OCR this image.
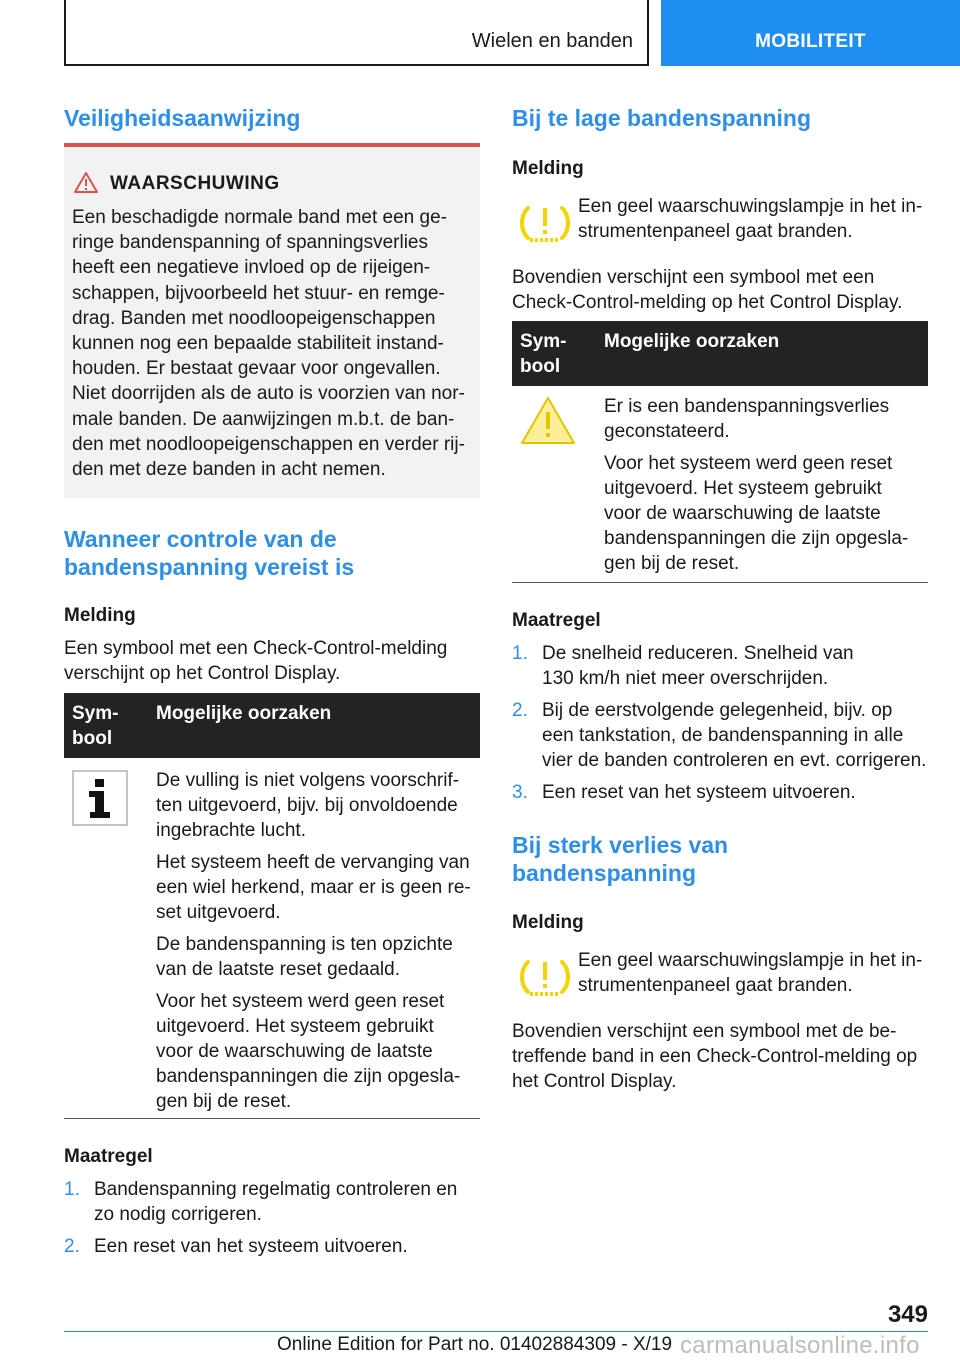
Wielen en banden	MOBILITEIT
Veiligheidsaanwijzing
WAARSCHUWING
Een beschadigde normale band met een ge-
ringe bandenspanning of spanningsverlies
heeft een negatieve invloed op de rijeigen-
schappen, bijvoorbeeld het stuur- en remge-
drag. Banden met noodloopeigenschappen
kunnen nog een bepaalde stabiliteit instand-
houden. Er bestaat gevaar voor ongevallen.
Niet doorrijden als de auto is voorzien van nor-
male banden. De aanwijzingen m.b.t. de ban-
den met noodloopeigenschappen en verder rij-
den met deze banden in acht nemen.
Wanneer controle van de
bandenspanning vereist is
Melding
Een symbool met een Check-Control-melding
verschijnt op het Control Display.
Sym-
bool
Mogelijke oorzaken
De vulling is niet volgens voorschrif-
ten uitgevoerd, bijv. bij onvoldoende
ingebrachte lucht.
Het systeem heeft de vervanging van
een wiel herkend, maar er is geen re-
set uitgevoerd.
De bandenspanning is ten opzichte
van de laatste reset gedaald.
Voor het systeem werd geen reset
uitgevoerd. Het systeem gebruikt
voor de waarschuwing de laatste
bandenspanningen die zijn opgesla-
gen bij de reset.
Maatregel
1. Bandenspanning regelmatig controleren en
zo nodig corrigeren.
2. Een reset van het systeem uitvoeren.
Bij te lage bandenspanning
Melding
Een geel waarschuwingslampje in het in-
strumentenpaneel gaat branden.
Bovendien verschijnt een symbool met een
Check-Control-melding op het Control Display.
Sym-
bool
Mogelijke oorzaken
Er is een bandenspanningsverlies
geconstateerd.
Voor het systeem werd geen reset
uitgevoerd. Het systeem gebruikt
voor de waarschuwing de laatste
bandenspanningen die zijn opgesla-
gen bij de reset.
Maatregel
1. De snelheid reduceren. Snelheid van
130 km/h niet meer overschrijden.
2. Bij de eerstvolgende gelegenheid, bijv. op
een tankstation, de bandenspanning in alle
vier de banden controleren en evt. corrigeren.
3. Een reset van het systeem uitvoeren.
Bij sterk verlies van
bandenspanning
Melding
Een geel waarschuwingslampje in het in-
strumentenpaneel gaat branden.
Bovendien verschijnt een symbool met de be-
treffende band in een Check-Control-melding op
het Control Display.
349
Online Edition for Part no. 01402884309 - X/19 carmanualsonline.info
